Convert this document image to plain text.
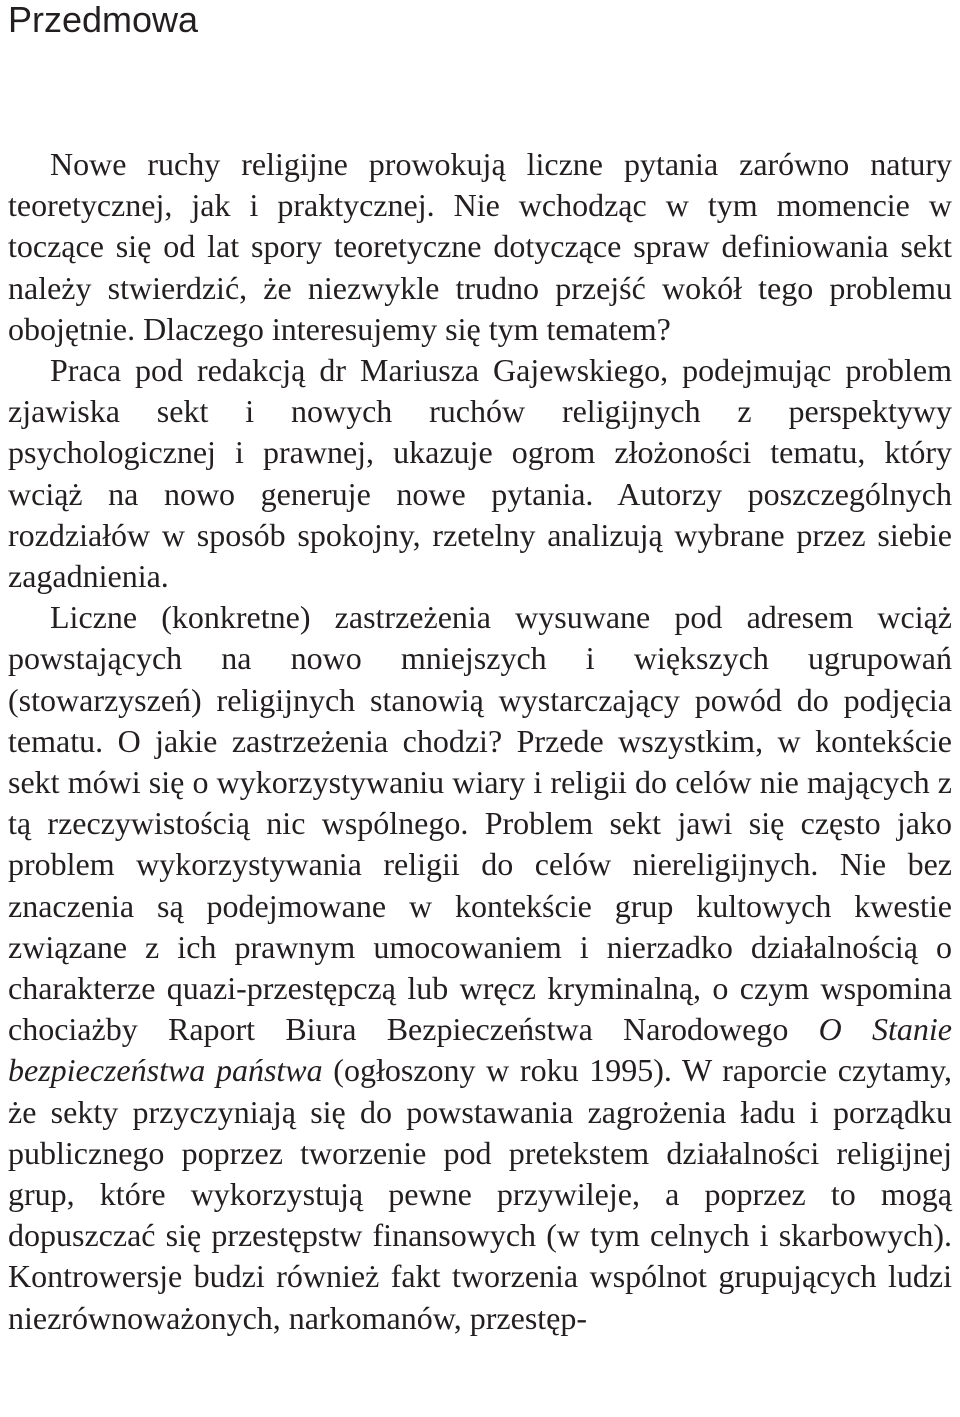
Przedmowa

Nowe ruchy religijne prowokują liczne pytania zarówno natury teoretycznej, jak i praktycznej. Nie wchodząc w tym momencie w toczące się od lat spory teoretyczne dotyczące spraw definiowania sekt należy stwierdzić, że niezwykle trudno przejść wokół tego problemu obojętnie. Dlaczego interesujemy się tym tematem?

Praca pod redakcją dr Mariusza Gajewskiego, podejmując problem zjawiska sekt i nowych ruchów religijnych z perspektywy psychologicznej i prawnej, ukazuje ogrom złożoności tematu, który wciąż na nowo generuje nowe pytania. Autorzy poszczególnych rozdziałów w sposób spokojny, rzetelny analizują wybrane przez siebie zagadnienia.

Liczne (konkretne) zastrzeżenia wysuwane pod adresem wciąż powstających na nowo mniejszych i większych ugrupowań (stowarzyszeń) religijnych stanowią wystarczający powód do podjęcia tematu. O jakie zastrzeżenia chodzi? Przede wszystkim, w kontekście sekt mówi się o wykorzystywaniu wiary i religii do celów nie mających z tą rzeczywistością nic wspólnego. Problem sekt jawi się często jako problem wykorzystywania religii do celów niereligijnych. Nie bez znaczenia są podejmowane w kontekście grup kultowych kwestie związane z ich prawnym umocowaniem i nierzadko działalnością o charakterze quazi-przestępczą lub wręcz kryminalną, o czym wspomina chociażby Raport Biura Bezpieczeństwa Narodowego O Stanie bezpieczeństwa państwa (ogłoszony w roku 1995). W raporcie czytamy, że sekty przyczyniają się do powstawania zagrożenia ładu i porządku publicznego poprzez tworzenie pod pretekstem działalności religijnej grup, które wykorzystują pewne przywileje, a poprzez to mogą dopuszczać się przestępstw finansowych (w tym celnych i skarbowych). Kontrowersje budzi również fakt tworzenia wspólnot grupujących ludzi niezrównoważonych, narkomanów, przestęp-
